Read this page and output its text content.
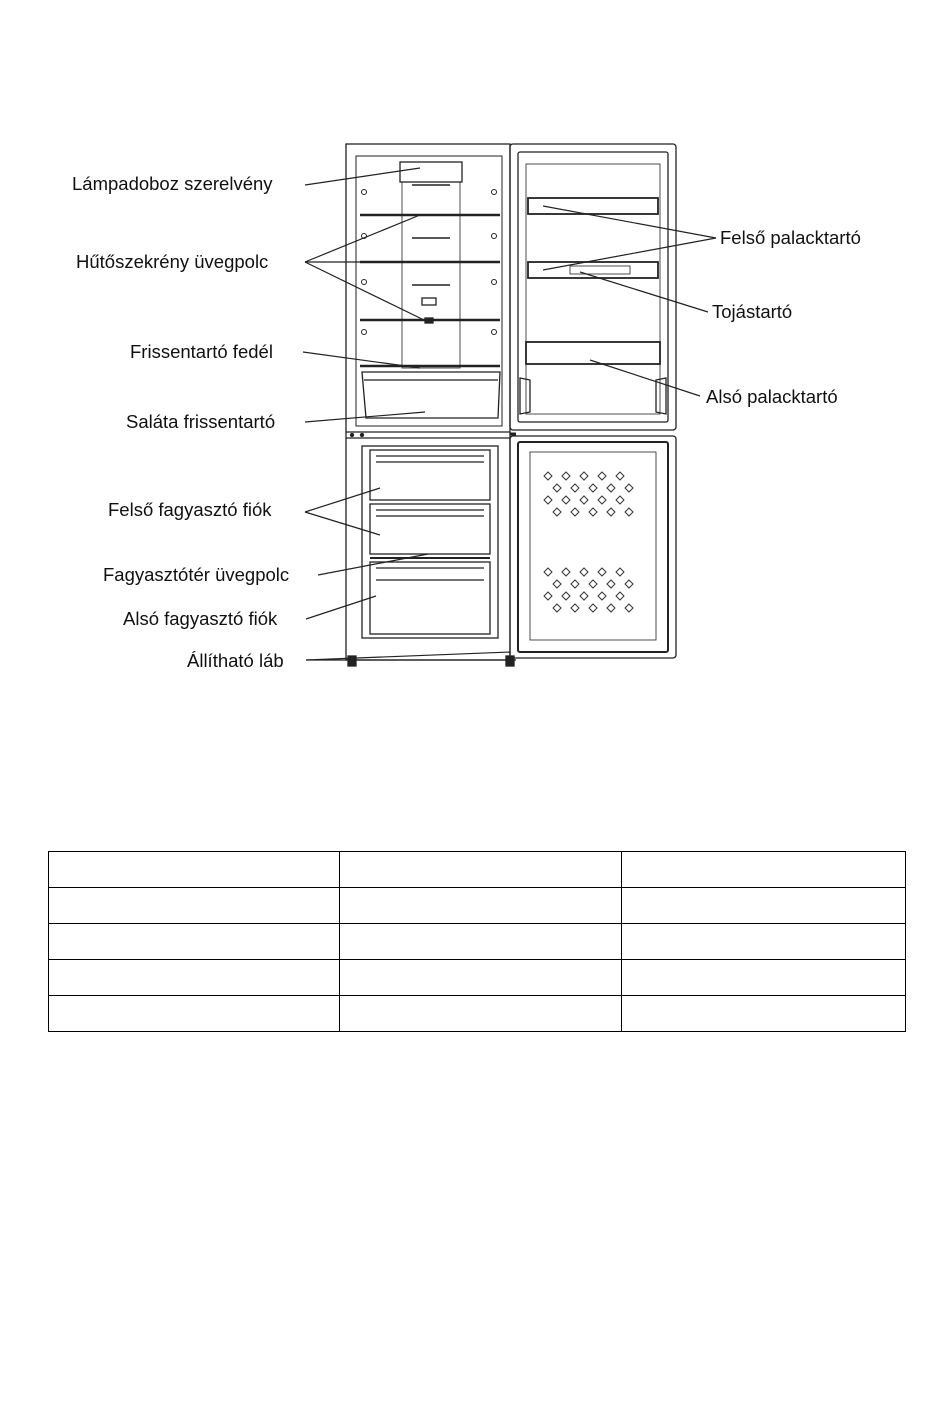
Lámpadoboz szerelvény
Hűtőszekrény üvegpolc
Frissentartó fedél
Saláta frissentartó
Felső fagyasztó fiók
Fagyasztótér üvegpolc
Alsó fagyasztó fiók
Állítható láb
Felső palacktartó
Tojástartó
Alsó palacktartó
